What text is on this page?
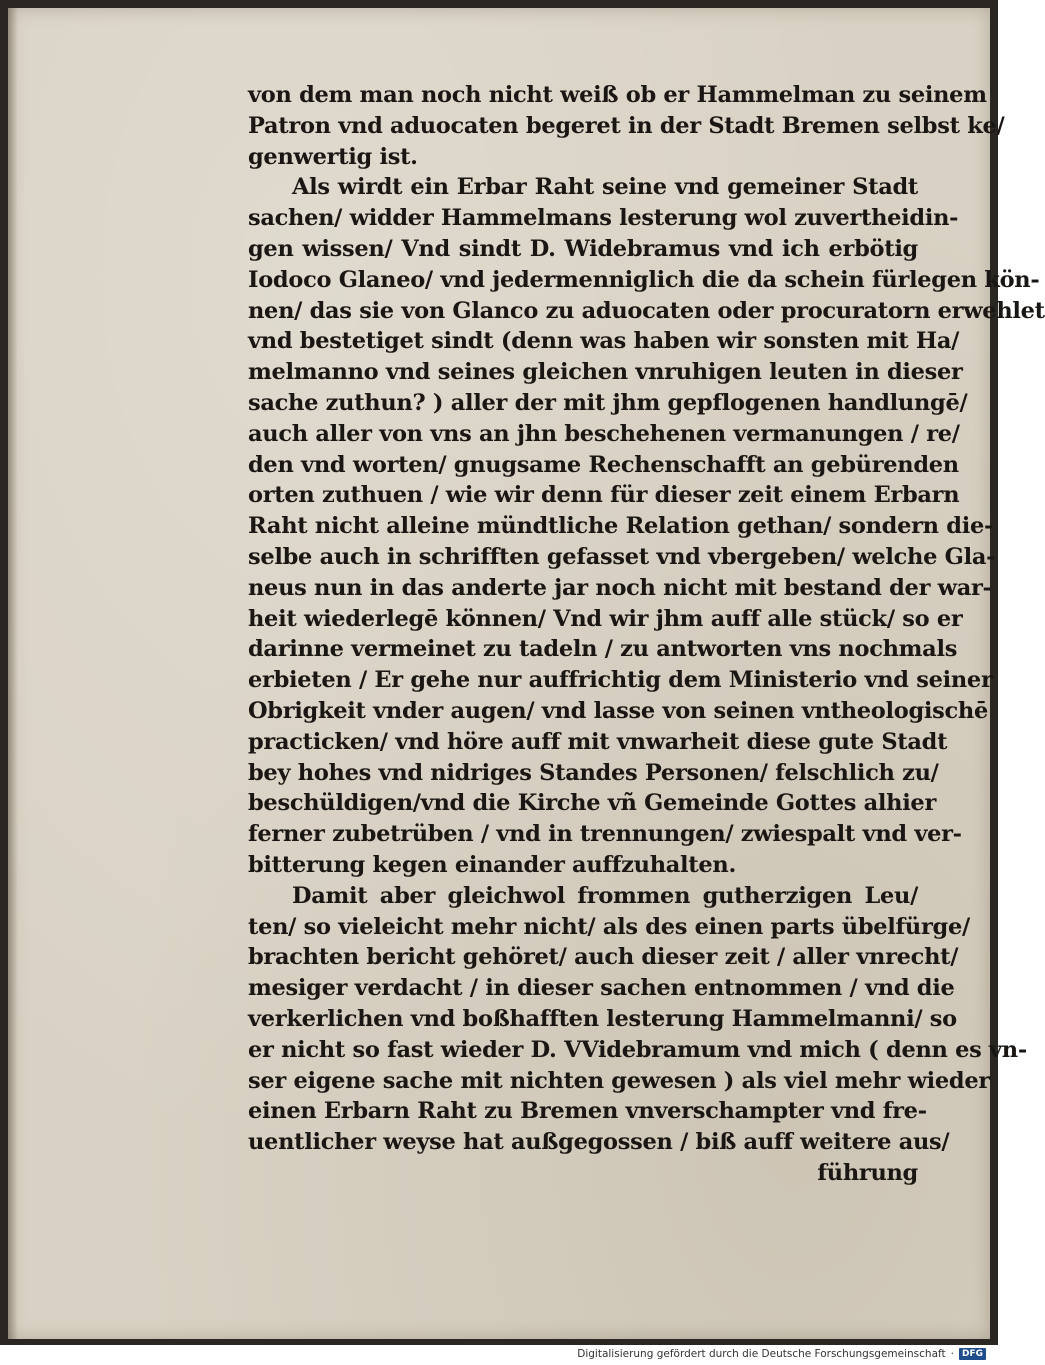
von dem man noch nicht weiß ob er Hammelman zu seinem
Patron vnd aduocaten begeret in der Stadt Bremen selbst ke/
genwertig ist.
Als wirdt ein Erbar Raht seine vnd gemeiner Stadt
sachen/ widder Hammelmans lesterung wol zuvertheidin-
gen wissen/ Vnd sindt D. Widebramus vnd ich erbötig
Iodoco Glaneo/ vnd jedermenniglich die da schein fürlegen kön-
nen/ das sie von Glanco zu aduocaten oder procuratorn erwehlet
vnd bestetiget sindt (denn was haben wir sonsten mit Ha/
melmanno vnd seines gleichen vnruhigen leuten in dieser
sache zuthun? ) aller der mit jhm gepflogenen handlungē/
auch aller von vns an jhn beschehenen vermanungen / re/
den vnd worten/ gnugsame Rechenschafft an gebürenden
orten zuthuen / wie wir denn für dieser zeit einem Erbarn
Raht nicht alleine mündtliche Relation gethan/ sondern die-
selbe auch in schrifften gefasset vnd vbergeben/ welche Gla-
neus nun in das anderte jar noch nicht mit bestand der war-
heit wiederlegē können/ Vnd wir jhm auff alle stück/ so er
darinne vermeinet zu tadeln / zu antworten vns nochmals
erbieten / Er gehe nur auffrichtig dem Ministerio vnd seiner
Obrigkeit vnder augen/ vnd lasse von seinen vntheologischē
practicken/ vnd höre auff mit vnwarheit diese gute Stadt
bey hohes vnd nidriges Standes Personen/ felschlich zu/
beschüldigen/vnd die Kirche vñ Gemeinde Gottes alhier
ferner zubetrüben / vnd in trennungen/ zwiespalt vnd ver-
bitterung kegen einander auffzuhalten.
Damit aber gleichwol frommen gutherzigen Leu/
ten/ so vieleicht mehr nicht/ als des einen parts übelfürge/
brachten bericht gehöret/ auch dieser zeit / aller vnrecht/
mesiger verdacht / in dieser sachen entnommen / vnd die
verkerlichen vnd boßhafften lesterung Hammelmanni/ so
er nicht so fast wieder D. VVidebramum vnd mich ( denn es vn-
ser eigene sache mit nichten gewesen ) als viel mehr wieder
einen Erbarn Raht zu Bremen vnverschampter vnd fre-
uentlicher weyse hat außgegossen / biß auff weitere aus/
führung
Digitalisierung gefördert durch die Deutsche Forschungsgemeinschaft · DFG
